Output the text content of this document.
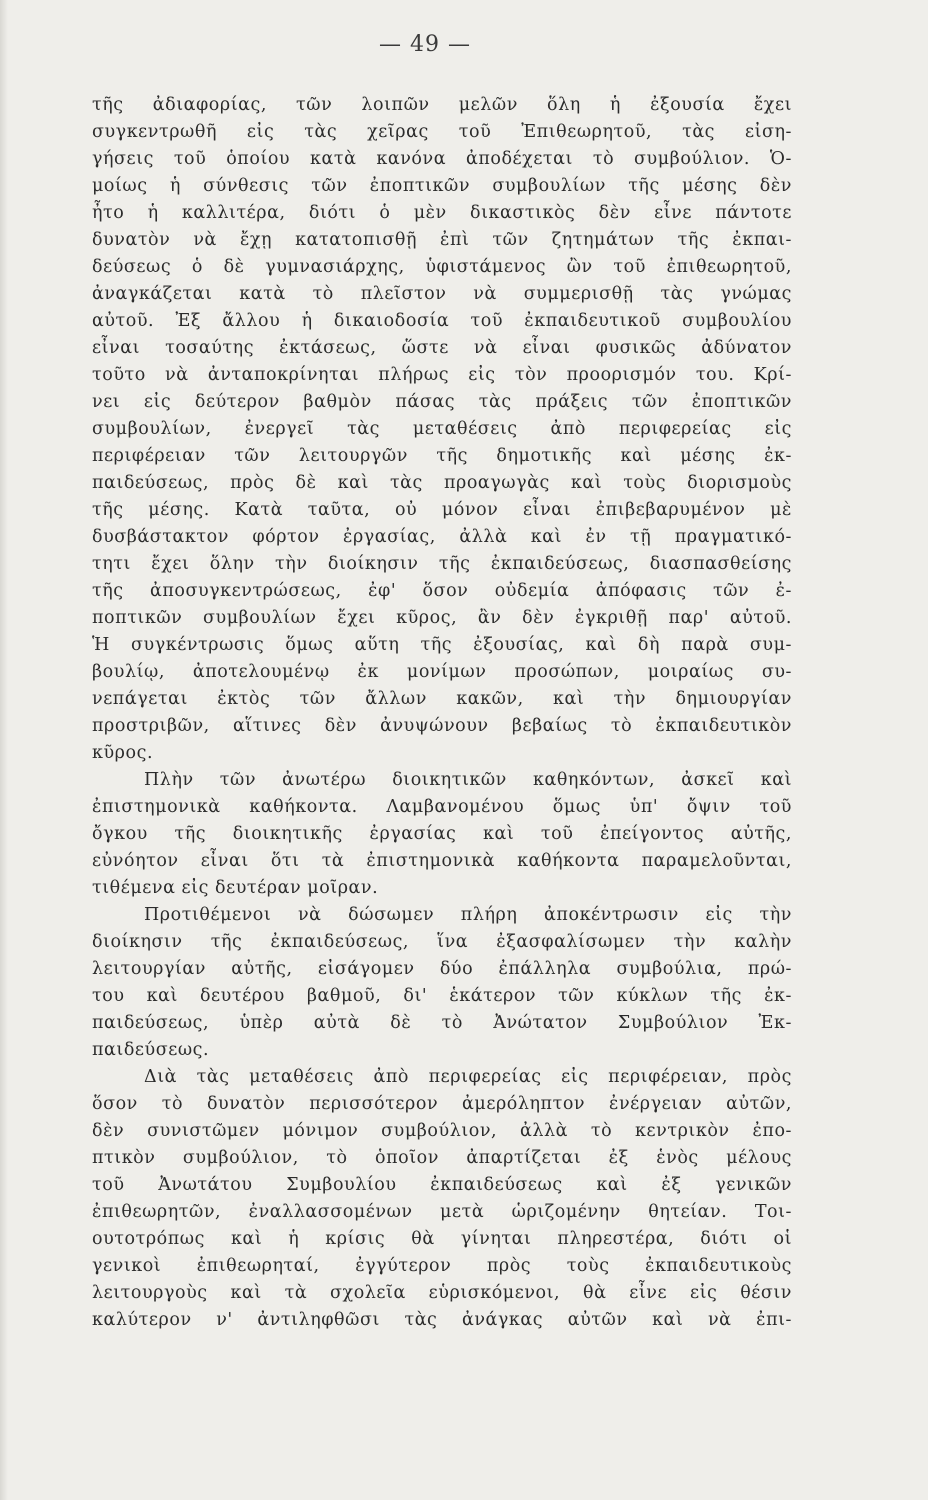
— 49 —
τῆς ἀδιαφορίας, τῶν λοιπῶν μελῶν ὅλη ἡ ἐξουσία ἔχει
συγκεντρωθῆ εἰς τὰς χεῖρας τοῦ Ἐπιθεωρητοῦ, τὰς εἰση-
γήσεις τοῦ ὁποίου κατὰ κανόνα ἀποδέχεται τὸ συμβούλιον. Ὁ-
μοίως ἡ σύνθεσις τῶν ἐποπτικῶν συμβουλίων τῆς μέσης δὲν
ἦτο ἡ καλλιτέρα, διότι ὁ μὲν δικαστικὸς δὲν εἶνε πάντοτε
δυνατὸν νὰ ἔχῃ κατατοπισθῇ ἐπὶ τῶν ζητημάτων τῆς ἐκπαι-
δεύσεως ὁ δὲ γυμνασιάρχης, ὑφιστάμενος ὢν τοῦ ἐπιθεωρητοῦ,
ἀναγκάζεται κατὰ τὸ πλεῖστον νὰ συμμερισθῇ τὰς γνώμας
αὐτοῦ. Ἐξ ἄλλου ἡ δικαιοδοσία τοῦ ἐκπαιδευτικοῦ συμβουλίου
εἶναι τοσαύτης ἐκτάσεως, ὥστε νὰ εἶναι φυσικῶς ἀδύνατον
τοῦτο νὰ ἀνταποκρίνηται πλήρως εἰς τὸν προορισμόν του. Κρί-
νει εἰς δεύτερον βαθμὸν πάσας τὰς πράξεις τῶν ἐποπτικῶν
συμβουλίων, ἐνεργεῖ τὰς μεταθέσεις ἀπὸ περιφερείας εἰς
περιφέρειαν τῶν λειτουργῶν τῆς δημοτικῆς καὶ μέσης ἐκ-
παιδεύσεως, πρὸς δὲ καὶ τὰς προαγωγὰς καὶ τοὺς διορισμοὺς
τῆς μέσης. Κατὰ ταῦτα, οὐ μόνον εἶναι ἐπιβεβαρυμένον μὲ
δυσβάστακτον φόρτον ἐργασίας, ἀλλὰ καὶ ἐν τῇ πραγματικό-
τητι ἔχει ὅλην τὴν διοίκησιν τῆς ἐκπαιδεύσεως, διασπασθείσης
τῆς ἀποσυγκεντρώσεως, ἐφ' ὅσον οὐδεμία ἀπόφασις τῶν ἐ-
ποπτικῶν συμβουλίων ἔχει κῦρος, ἂν δὲν ἐγκριθῇ παρ' αὐτοῦ.
Ἡ συγκέντρωσις ὅμως αὕτη τῆς ἐξουσίας, καὶ δὴ παρὰ συμ-
βουλίῳ, ἀποτελουμένῳ ἐκ μονίμων προσώπων, μοιραίως συ-
νεπάγεται ἐκτὸς τῶν ἄλλων κακῶν, καὶ τὴν δημιουργίαν
προστριβῶν, αἵτινες δὲν ἀνυψώνουν βεβαίως τὸ ἐκπαιδευτικὸν
κῦρος.
Πλὴν τῶν ἀνωτέρω διοικητικῶν καθηκόντων, ἀσκεῖ καὶ
ἐπιστημονικὰ καθήκοντα. Λαμβανομένου ὅμως ὑπ' ὄψιν τοῦ
ὄγκου τῆς διοικητικῆς ἐργασίας καὶ τοῦ ἐπείγοντος αὐτῆς,
εὐνόητον εἶναι ὅτι τὰ ἐπιστημονικὰ καθήκοντα παραμελοῦνται,
τιθέμενα εἰς δευτέραν μοῖραν.
Προτιθέμενοι νὰ δώσωμεν πλήρη ἀποκέντρωσιν εἰς τὴν
διοίκησιν τῆς ἐκπαιδεύσεως, ἵνα ἐξασφαλίσωμεν τὴν καλὴν
λειτουργίαν αὐτῆς, εἰσάγομεν δύο ἐπάλληλα συμβούλια, πρώ-
του καὶ δευτέρου βαθμοῦ, δι' ἑκάτερον τῶν κύκλων τῆς ἐκ-
παιδεύσεως, ὑπὲρ αὐτὰ δὲ τὸ Ἀνώτατον Συμβούλιον Ἐκ-
παιδεύσεως.
Διὰ τὰς μεταθέσεις ἀπὸ περιφερείας εἰς περιφέρειαν, πρὸς
ὅσον τὸ δυνατὸν περισσότερον ἀμερόληπτον ἐνέργειαν αὐτῶν,
δὲν συνιστῶμεν μόνιμον συμβούλιον, ἀλλὰ τὸ κεντρικὸν ἐπο-
πτικὸν συμβούλιον, τὸ ὁποῖον ἀπαρτίζεται ἐξ ἑνὸς μέλους
τοῦ Ἀνωτάτου Συμβουλίου ἐκπαιδεύσεως καὶ ἐξ γενικῶν
ἐπιθεωρητῶν, ἐναλλασσομένων μετὰ ὡριζομένην θητείαν. Τοι-
ουτοτρόπως καὶ ἡ κρίσις θὰ γίνηται πληρεστέρα, διότι οἱ
γενικοὶ ἐπιθεωρηταί, ἐγγύτερον πρὸς τοὺς ἐκπαιδευτικοὺς
λειτουργοὺς καὶ τὰ σχολεῖα εὑρισκόμενοι, θὰ εἶνε εἰς θέσιν
καλύτερον ν' ἀντιληφθῶσι τὰς ἀνάγκας αὐτῶν καὶ νὰ ἐπι-
